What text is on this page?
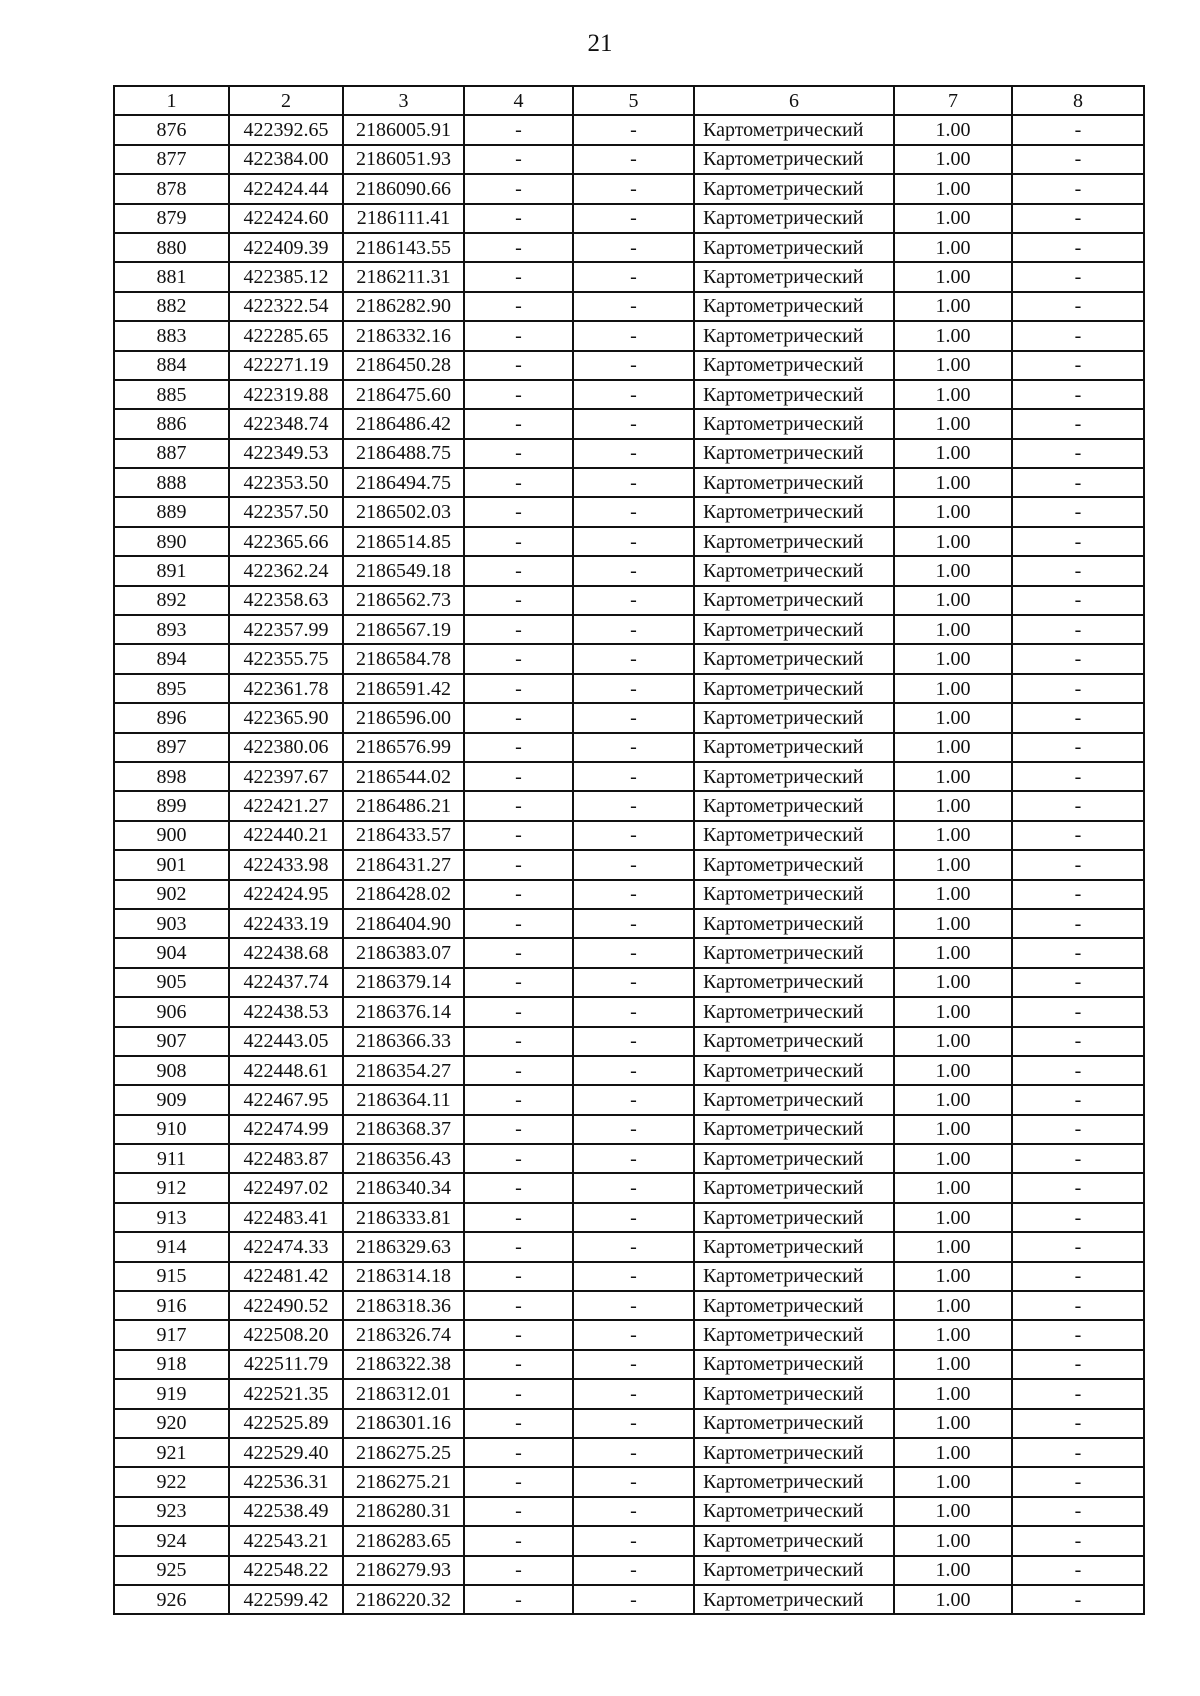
21
1	2	3	4	5	6	7	8
876	422392.65	2186005.91	-	-	Картометрический	1.00	-
877	422384.00	2186051.93	-	-	Картометрический	1.00	-
878	422424.44	2186090.66	-	-	Картометрический	1.00	-
879	422424.60	2186111.41	-	-	Картометрический	1.00	-
880	422409.39	2186143.55	-	-	Картометрический	1.00	-
881	422385.12	2186211.31	-	-	Картометрический	1.00	-
882	422322.54	2186282.90	-	-	Картометрический	1.00	-
883	422285.65	2186332.16	-	-	Картометрический	1.00	-
884	422271.19	2186450.28	-	-	Картометрический	1.00	-
885	422319.88	2186475.60	-	-	Картометрический	1.00	-
886	422348.74	2186486.42	-	-	Картометрический	1.00	-
887	422349.53	2186488.75	-	-	Картометрический	1.00	-
888	422353.50	2186494.75	-	-	Картометрический	1.00	-
889	422357.50	2186502.03	-	-	Картометрический	1.00	-
890	422365.66	2186514.85	-	-	Картометрический	1.00	-
891	422362.24	2186549.18	-	-	Картометрический	1.00	-
892	422358.63	2186562.73	-	-	Картометрический	1.00	-
893	422357.99	2186567.19	-	-	Картометрический	1.00	-
894	422355.75	2186584.78	-	-	Картометрический	1.00	-
895	422361.78	2186591.42	-	-	Картометрический	1.00	-
896	422365.90	2186596.00	-	-	Картометрический	1.00	-
897	422380.06	2186576.99	-	-	Картометрический	1.00	-
898	422397.67	2186544.02	-	-	Картометрический	1.00	-
899	422421.27	2186486.21	-	-	Картометрический	1.00	-
900	422440.21	2186433.57	-	-	Картометрический	1.00	-
901	422433.98	2186431.27	-	-	Картометрический	1.00	-
902	422424.95	2186428.02	-	-	Картометрический	1.00	-
903	422433.19	2186404.90	-	-	Картометрический	1.00	-
904	422438.68	2186383.07	-	-	Картометрический	1.00	-
905	422437.74	2186379.14	-	-	Картометрический	1.00	-
906	422438.53	2186376.14	-	-	Картометрический	1.00	-
907	422443.05	2186366.33	-	-	Картометрический	1.00	-
908	422448.61	2186354.27	-	-	Картометрический	1.00	-
909	422467.95	2186364.11	-	-	Картометрический	1.00	-
910	422474.99	2186368.37	-	-	Картометрический	1.00	-
911	422483.87	2186356.43	-	-	Картометрический	1.00	-
912	422497.02	2186340.34	-	-	Картометрический	1.00	-
913	422483.41	2186333.81	-	-	Картометрический	1.00	-
914	422474.33	2186329.63	-	-	Картометрический	1.00	-
915	422481.42	2186314.18	-	-	Картометрический	1.00	-
916	422490.52	2186318.36	-	-	Картометрический	1.00	-
917	422508.20	2186326.74	-	-	Картометрический	1.00	-
918	422511.79	2186322.38	-	-	Картометрический	1.00	-
919	422521.35	2186312.01	-	-	Картометрический	1.00	-
920	422525.89	2186301.16	-	-	Картометрический	1.00	-
921	422529.40	2186275.25	-	-	Картометрический	1.00	-
922	422536.31	2186275.21	-	-	Картометрический	1.00	-
923	422538.49	2186280.31	-	-	Картометрический	1.00	-
924	422543.21	2186283.65	-	-	Картометрический	1.00	-
925	422548.22	2186279.93	-	-	Картометрический	1.00	-
926	422599.42	2186220.32	-	-	Картометрический	1.00	-
